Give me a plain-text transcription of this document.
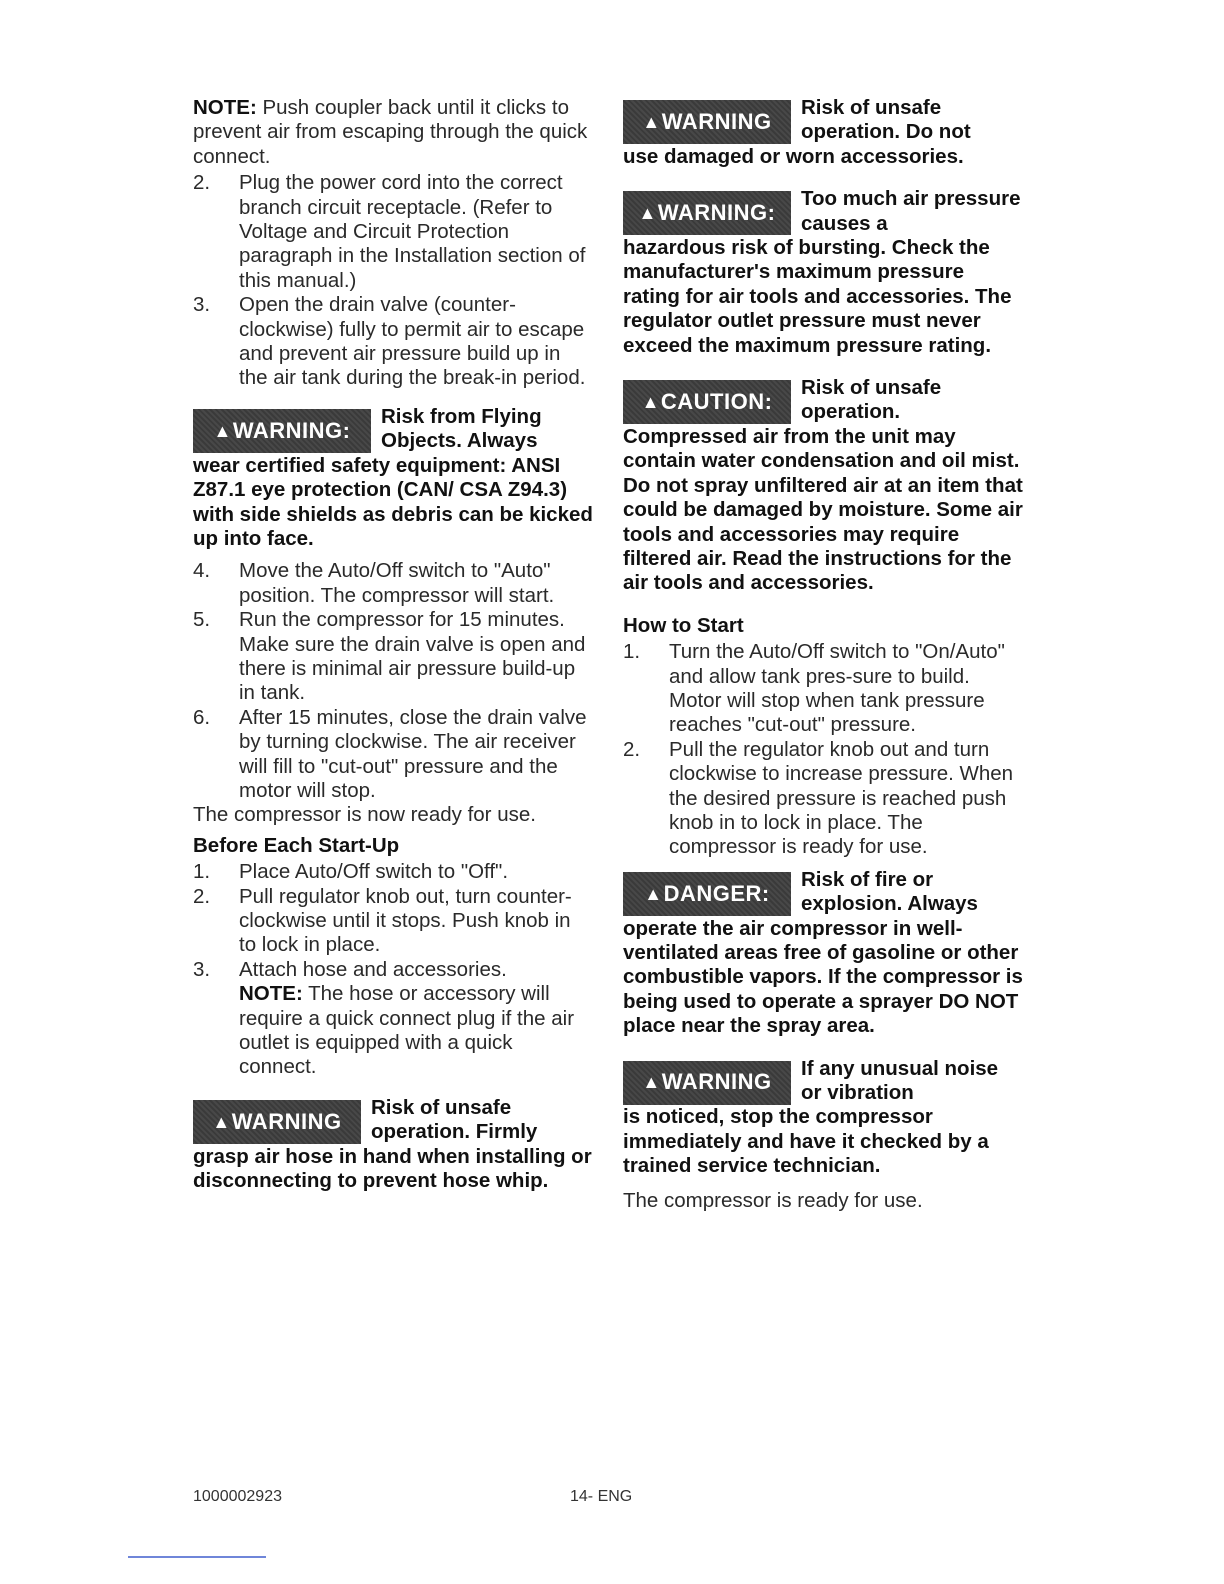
NOTE: Push coupler back until it clicks to prevent air from escaping through the quick connect.

2.	Plug the power cord into the correct branch circuit receptacle. (Refer to Voltage and Circuit Protection paragraph in the Installation section of this manual.)
3.	Open the drain valve (counter-clockwise) fully to permit air to escape and prevent air pressure build up in the air tank during the break-in period.
▲ WARNING:
Risk from Flying Objects. Always
wear certified safety equipment: ANSI Z87.1 eye protection (CAN/ CSA Z94.3) with side shields as debris can be kicked up into face.
4.	Move the Auto/Off switch to "Auto" position. The compressor will start.
5.	Run the compressor for 15 minutes. Make sure the drain valve is open and there is minimal air pressure build-up in tank.
6.	After 15 minutes, close the drain valve by turning clockwise. The air receiver will fill to "cut-out" pressure and the motor will stop.

The compressor is now ready for use.

Before Each Start-Up
1.	Place Auto/Off switch to "Off".
2.	Pull regulator knob out, turn counter-clockwise until it stops. Push knob in to lock in place.
3.	Attach hose and accessories.
NOTE: The hose or accessory will require a quick connect plug if the air outlet is equipped with a quick connect.
▲ WARNING
Risk of unsafe operation. Firmly
grasp air hose in hand when installing or disconnecting to prevent hose whip.
▲ WARNING
Risk of unsafe operation. Do not
use damaged or worn accessories.
▲ WARNING:
Too much air pressure causes a
hazardous risk of bursting. Check the manufacturer's maximum pressure rating for air tools and accessories. The regulator outlet pressure must never exceed the maximum pressure rating.
▲ CAUTION:
Risk of unsafe operation.
Compressed air from the unit may contain water condensation and oil mist. Do not spray unfiltered air at an item that could be damaged by moisture. Some air tools and accessories may require filtered air. Read the instructions for the air tools and accessories.
How to Start
1.	Turn the Auto/Off switch to "On/Auto" and allow tank pres-sure to build. Motor will stop when tank pressure reaches "cut-out" pressure.
2.	Pull the regulator knob out and turn clockwise to increase pressure. When the desired pressure is reached push knob in to lock in place. The compressor is ready for use.
▲ DANGER:
Risk of fire or explosion. Always
operate the air compressor in well-ventilated areas free of gasoline or other combustible vapors. If the compressor is being used to operate a sprayer DO NOT place near the spray area.
▲ WARNING
If any unusual noise or vibration
is noticed, stop the compressor immediately and have it checked by a trained service technician.

The compressor is ready for use.

1000002923	14- ENG
